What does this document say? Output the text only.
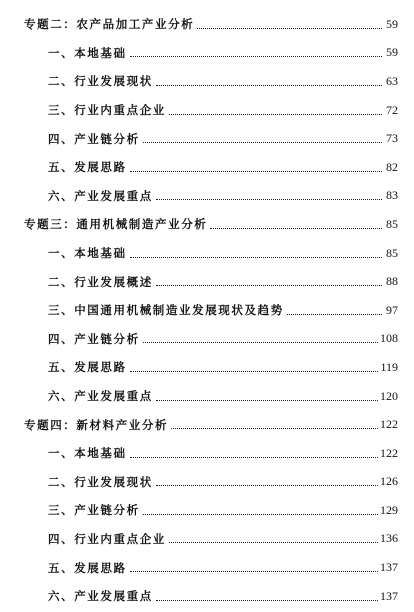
专题二：农产品加工产业分析	59
一、本地基础	59
二、行业发展现状	63
三、行业内重点企业	72
四、产业链分析	73
五、发展思路	82
六、产业发展重点	83
专题三：通用机械制造产业分析	85
一、本地基础	85
二、行业发展概述	88
三、中国通用机械制造业发展现状及趋势	97
四、产业链分析	108
五、发展思路	119
六、产业发展重点	120
专题四：新材料产业分析	122
一、本地基础	122
二、行业发展现状	126
三、产业链分析	129
四、行业内重点企业	136
五、发展思路	137
六、产业发展重点	137
